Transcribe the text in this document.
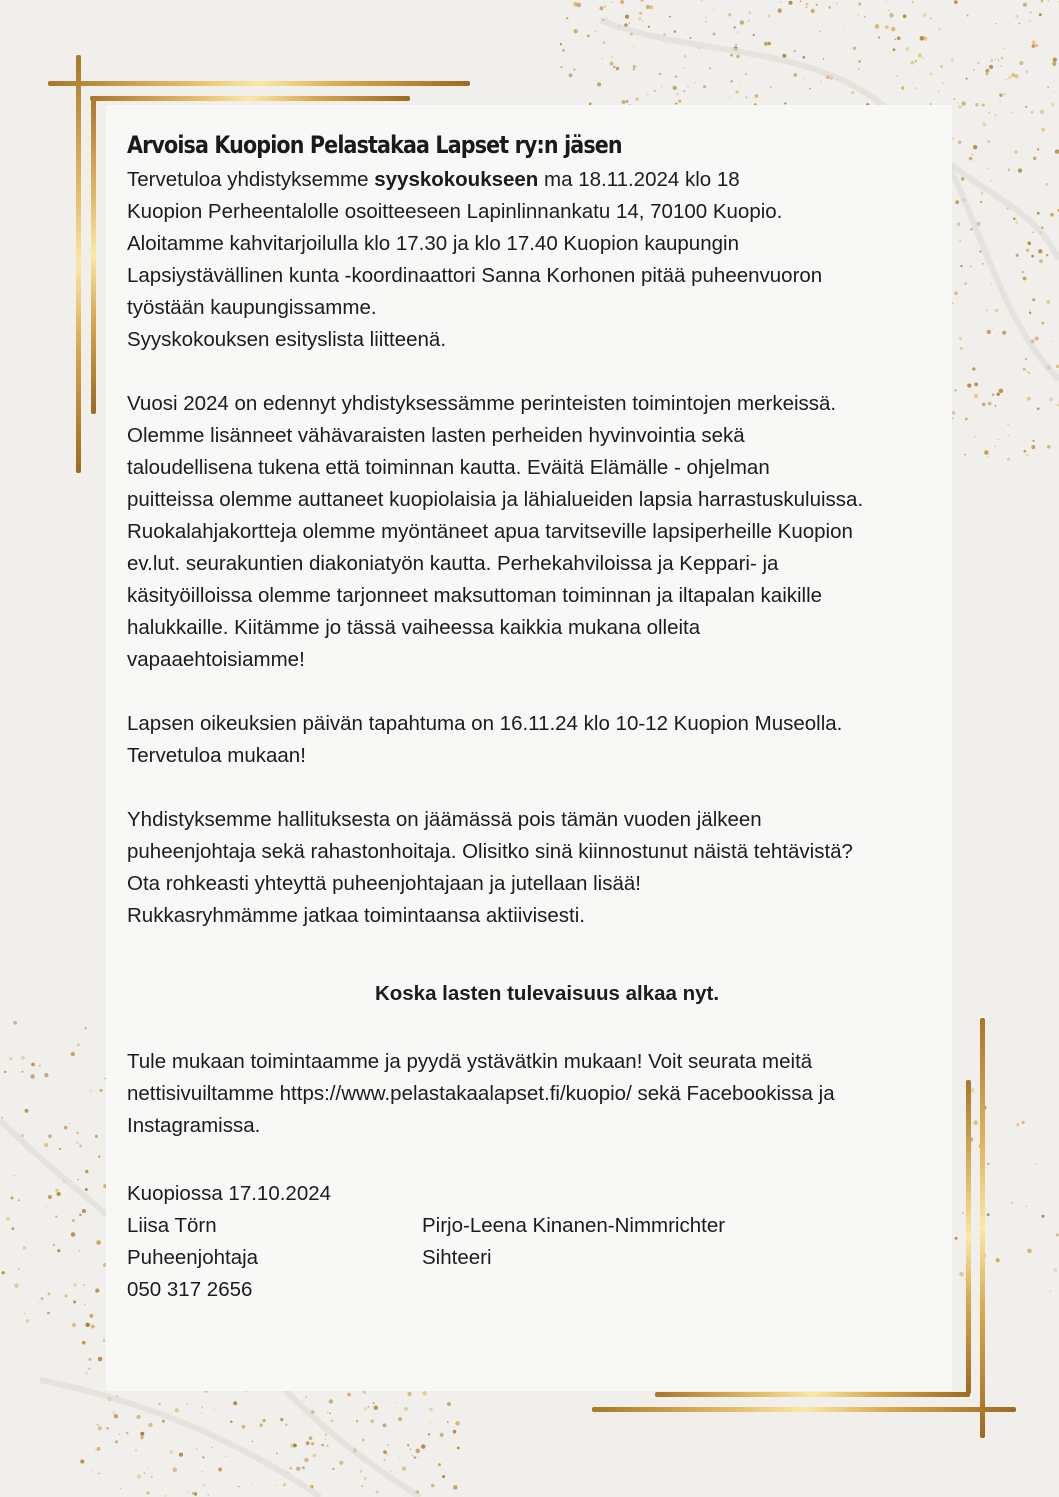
Arvoisa Kuopion Pelastakaa Lapset ry:n jäsen
Tervetuloa yhdistyksemme syyskokoukseen ma 18.11.2024 klo 18
Kuopion Perheentalolle osoitteeseen Lapinlinnankatu 14, 70100 Kuopio.
Aloitamme kahvitarjoilulla klo 17.30 ja klo 17.40 Kuopion kaupungin
Lapsiystävällinen kunta -koordinaattori Sanna Korhonen pitää puheenvuoron
työstään kaupungissamme.
Syyskokouksen esityslista liitteenä.
Vuosi 2024 on edennyt yhdistyksessämme perinteisten toimintojen merkeissä.
Olemme lisänneet vähävaraisten lasten perheiden hyvinvointia sekä
taloudellisena tukena että toiminnan kautta. Eväitä Elämälle - ohjelman
puitteissa olemme auttaneet kuopiolaisia ja lähialueiden lapsia harrastuskuluissa.
Ruokalahjakortteja olemme myöntäneet apua tarvitseville lapsiperheille Kuopion
ev.lut. seurakuntien diakoniatyön kautta. Perhekahviloissa ja Keppari- ja
käsityöilloissa olemme tarjonneet maksuttoman toiminnan ja iltapalan kaikille
halukkaille. Kiitämme jo tässä vaiheessa kaikkia mukana olleita
vapaaehtoisiamme!
Lapsen oikeuksien päivän tapahtuma on 16.11.24 klo 10-12 Kuopion Museolla.
Tervetuloa mukaan!
Yhdistyksemme hallituksesta on jäämässä pois tämän vuoden jälkeen
puheenjohtaja sekä rahastonhoitaja. Olisitko sinä kiinnostunut näistä tehtävistä?
Ota rohkeasti yhteyttä puheenjohtajaan ja jutellaan lisää!
Rukkasryhmämme jatkaa toimintaansa aktiivisesti.
Koska lasten tulevaisuus alkaa nyt.
Tule mukaan toimintaamme ja pyydä ystävätkin mukaan! Voit seurata meitä
nettisivuiltamme https://www.pelastakaalapset.fi/kuopio/ sekä Facebookissa ja
Instagramissa.
Kuopiossa 17.10.2024
Liisa Törn
Puheenjohtaja
050 317 2656
Pirjo-Leena Kinanen-Nimmrichter
Sihteeri
